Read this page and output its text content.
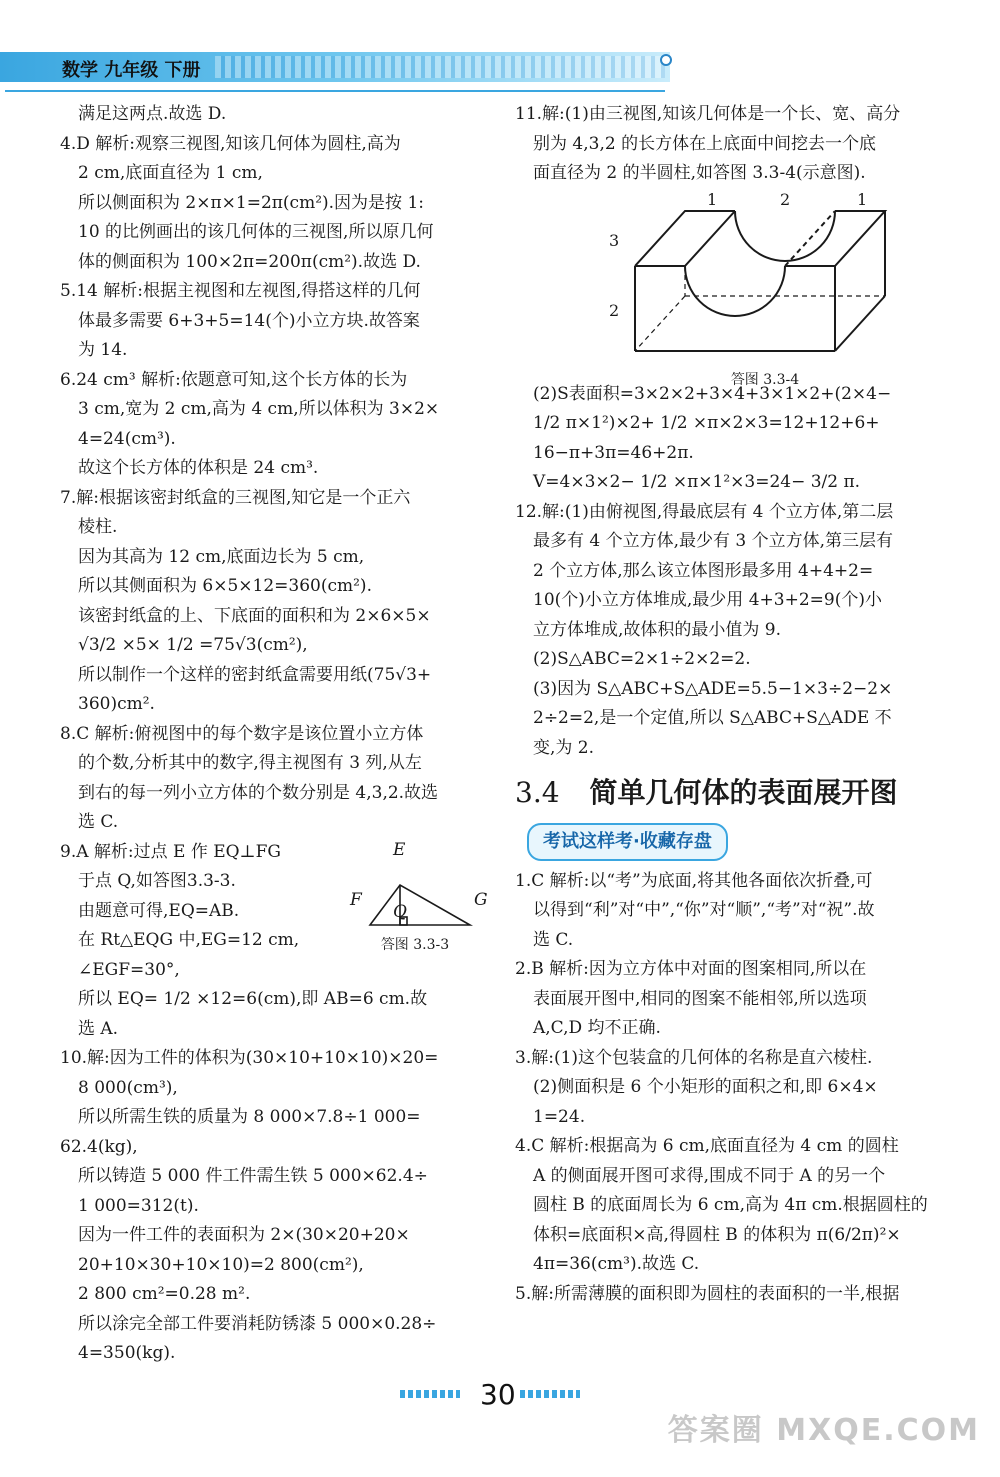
数学 九年级 下册
满足这两点.故选 D.
4.D 解析:观察三视图,知该几何体为圆柱,高为
2 cm,底面直径为 1 cm,
所以侧面积为 2×π×1=2π(cm²).因为是按 1:
10 的比例画出的该几何体的三视图,所以原几何
体的侧面积为 100×2π=200π(cm²).故选 D.
5.14 解析:根据主视图和左视图,得搭这样的几何
体最多需要 6+3+5=14(个)小立方块.故答案
为 14.
6.24 cm³ 解析:依题意可知,这个长方体的长为
3 cm,宽为 2 cm,高为 4 cm,所以体积为 3×2×
4=24(cm³).
故这个长方体的体积是 24 cm³.
7.解:根据该密封纸盒的三视图,知它是一个正六
棱柱.
因为其高为 12 cm,底面边长为 5 cm,
所以其侧面积为 6×5×12=360(cm²).
该密封纸盒的上、下底面的面积和为 2×6×5×
√3/2 ×5× 1/2 =75√3(cm²),
所以制作一个这样的密封纸盒需要用纸(75√3+
360)cm².
8.C 解析:俯视图中的每个数字是该位置小立方体
的个数,分析其中的数字,得主视图有 3 列,从左
到右的每一列小立方体的个数分别是 4,3,2.故选
选 C.
9.A 解析:过点 E 作 EQ⊥FG
于点 Q,如答图3.3-3.
由题意可得,EQ=AB.
在 Rt△EQG 中,EG=12 cm,
∠EGF=30°,
所以 EQ= 1/2 ×12=6(cm),即 AB=6 cm.故
选 A.
10.解:因为工件的体积为(30×10+10×10)×20=
8 000(cm³),
所以所需生铁的质量为 8 000×7.8÷1 000=
62.4(kg),
所以铸造 5 000 件工件需生铁 5 000×62.4÷
1 000=312(t).
因为一件工件的表面积为 2×(30×20+20×
20+10×30+10×10)=2 800(cm²),
2 800 cm²=0.28 m².
所以涂完全部工件要消耗防锈漆 5 000×0.28÷
4=350(kg).
11.解:(1)由三视图,知该几何体是一个长、宽、高分
别为 4,3,2 的长方体在上底面中间挖去一个底
面直径为 2 的半圆柱,如答图 3.3-4(示意图).
1	2	1
3
2
答图 3.3-4
(2)S表面积=3×2×2+3×4+3×1×2+(2×4−
1/2 π×1²)×2+ 1/2 ×π×2×3=12+12+6+
16−π+3π=46+2π.
V=4×3×2− 1/2 ×π×1²×3=24− 3/2 π.
12.解:(1)由俯视图,得最底层有 4 个立方体,第二层
最多有 4 个立方体,最少有 3 个立方体,第三层有
2 个立方体,那么该立体图形最多用 4+4+2=
10(个)小立方体堆成,最少用 4+3+2=9(个)小
立方体堆成,故体积的最小值为 9.
(2)S△ABC=2×1÷2×2=2.
(3)因为 S△ABC+S△ADE=5.5−1×3÷2−2×
2÷2=2,是一个定值,所以 S△ABC+S△ADE 不
变,为 2.
3.4 简单几何体的表面展开图
考试这样考·收藏存盘
1.C 解析:以“考”为底面,将其他各面依次折叠,可
以得到“利”对“中”,“你”对“顺”,“考”对“祝”.故
选 C.
2.B 解析:因为立方体中对面的图案相同,所以在
表面展开图中,相同的图案不能相邻,所以选项
A,C,D 均不正确.
3.解:(1)这个包装盒的几何体的名称是直六棱柱.
(2)侧面积是 6 个小矩形的面积之和,即 6×4×
1=24.
4.C 解析:根据高为 6 cm,底面直径为 4 cm 的圆柱
A 的侧面展开图可求得,围成不同于 A 的另一个
圆柱 B 的底面周长为 6 cm,高为 4π cm.根据圆柱的
体积=底面积×高,得圆柱 B 的体积为 π(6/2π)²×
4π=36(cm³).故选 C.
5.解:所需薄膜的面积即为圆柱的表面积的一半,根据
答图 3.3-3
E
F
Q
G
30
答案圈 MXQE.COM
